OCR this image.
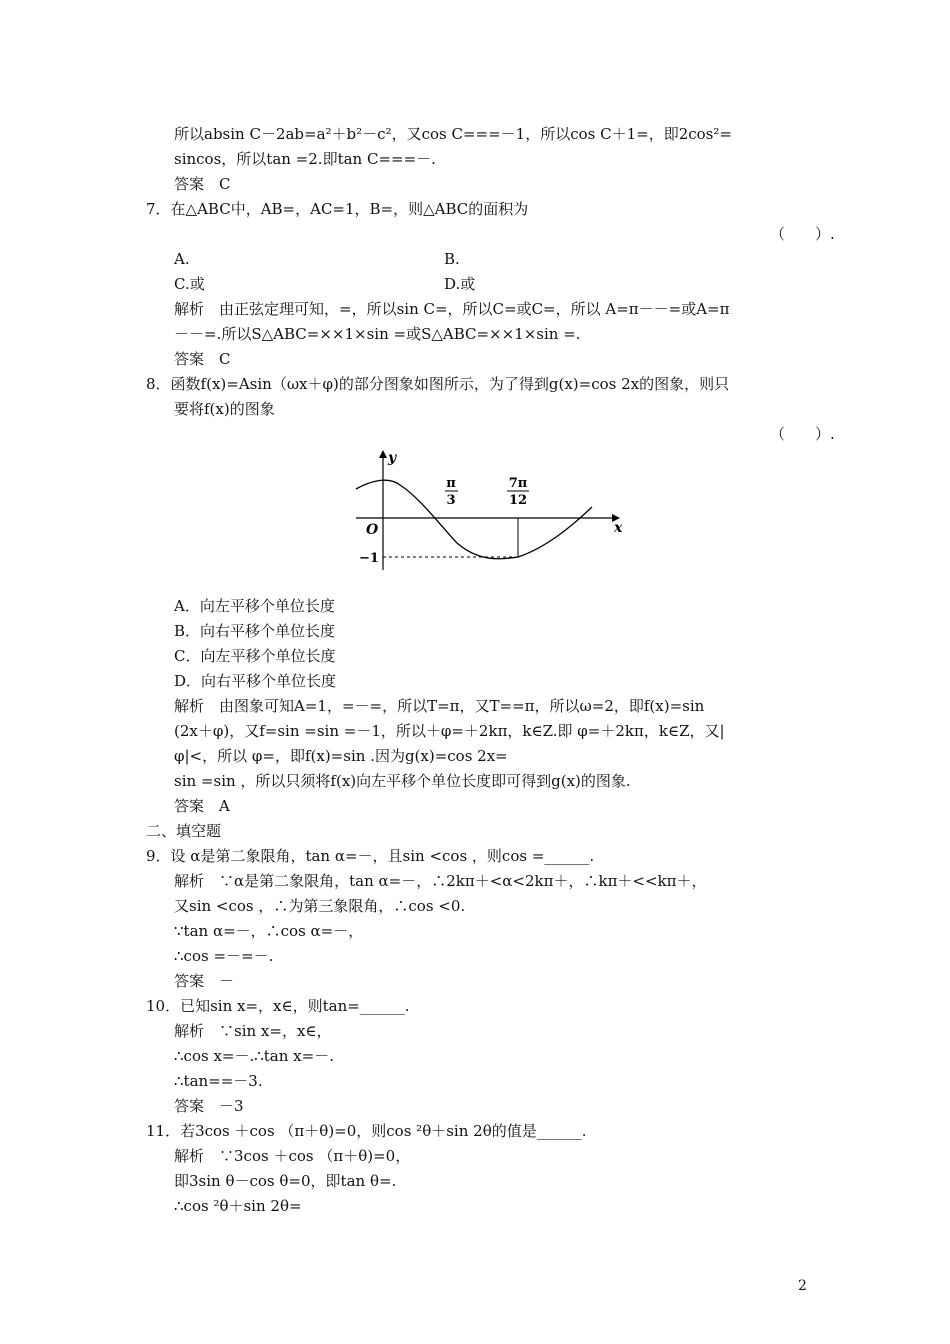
所以absin C－2ab=a²＋b²－c²，又cos C===－1，所以cos C＋1=，即2cos²=
sincos，所以tan =2.即tan C===－.
答案　C
7．在△ABC中，AB=，AC=1，B=，则△ABC的面积为
（　　）.
A.	B.
C.或	D.或
解析　由正弦定理可知，=，所以sin C=，所以C=或C=，所以 A=π－－=或A=π
－－=.所以S△ABC=××1×sin =或S△ABC=××1×sin =.
答案　C
8．函数f(x)=Asin（ωx＋φ)的部分图象如图所示，为了得到g(x)=cos 2x的图象，则只
要将f(x)的图象
（　　）.
y
x
O
π
3
7π
12
−1
A．向左平移个单位长度
B．向右平移个单位长度
C．向左平移个单位长度
D．向右平移个单位长度
解析　由图象可知A=1，=－=，所以T=π，又T==π，所以ω=2，即f(x)=sin
(2x＋φ)，又f=sin =sin =－1，所以＋φ=＋2kπ，k∈Z.即 φ=＋2kπ，k∈Z，又|
φ|<，所以 φ=，即f(x)=sin .因为g(x)=cos 2x=
sin =sin ，所以只须将f(x)向左平移个单位长度即可得到g(x)的图象.
答案　A
二、填空题
9．设 α是第二象限角，tan α=－，且sin <cos ，则cos =______.
解析　∵α是第二象限角，tan α=－，∴2kπ＋<α<2kπ＋，∴kπ＋<<kπ＋，
又sin <cos ，∴为第三象限角，∴cos <0.
∵tan α=－，∴cos α=－，
∴cos =－=－.
答案　－
10．已知sin x=，x∈，则tan=______.
解析　∵sin x=，x∈，
∴cos x=－.∴tan x=－.
∴tan==－3.
答案　－3
11．若3cos ＋cos （π＋θ)=0，则cos ²θ＋sin 2θ的值是______.
解析　∵3cos ＋cos （π＋θ)=0，
即3sin θ－cos θ=0，即tan θ=.
∴cos ²θ＋sin 2θ=
2
